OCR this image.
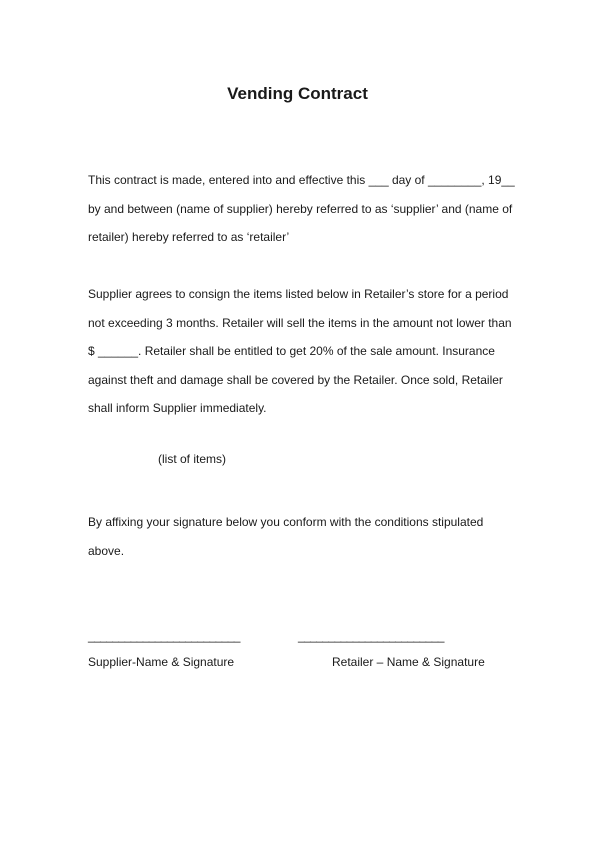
Vending Contract

This contract is made, entered into and effective this ___ day of ________, 19__
by and between (name of supplier) hereby referred to as ‘supplier’ and (name of
retailer) hereby referred to as ‘retailer’

Supplier agrees to consign the items listed below in Retailer’s store for a period
not exceeding 3 months. Retailer will sell the items in the amount not lower than
$ ______. Retailer shall be entitled to get 20% of the sale amount. Insurance
against theft and damage shall be covered by the Retailer. Once sold, Retailer
shall inform Supplier immediately.

(list of items)

By affixing your signature below you conform with the conditions stipulated
above.

_________________________	________________________

Supplier-Name & Signature	Retailer – Name & Signature
